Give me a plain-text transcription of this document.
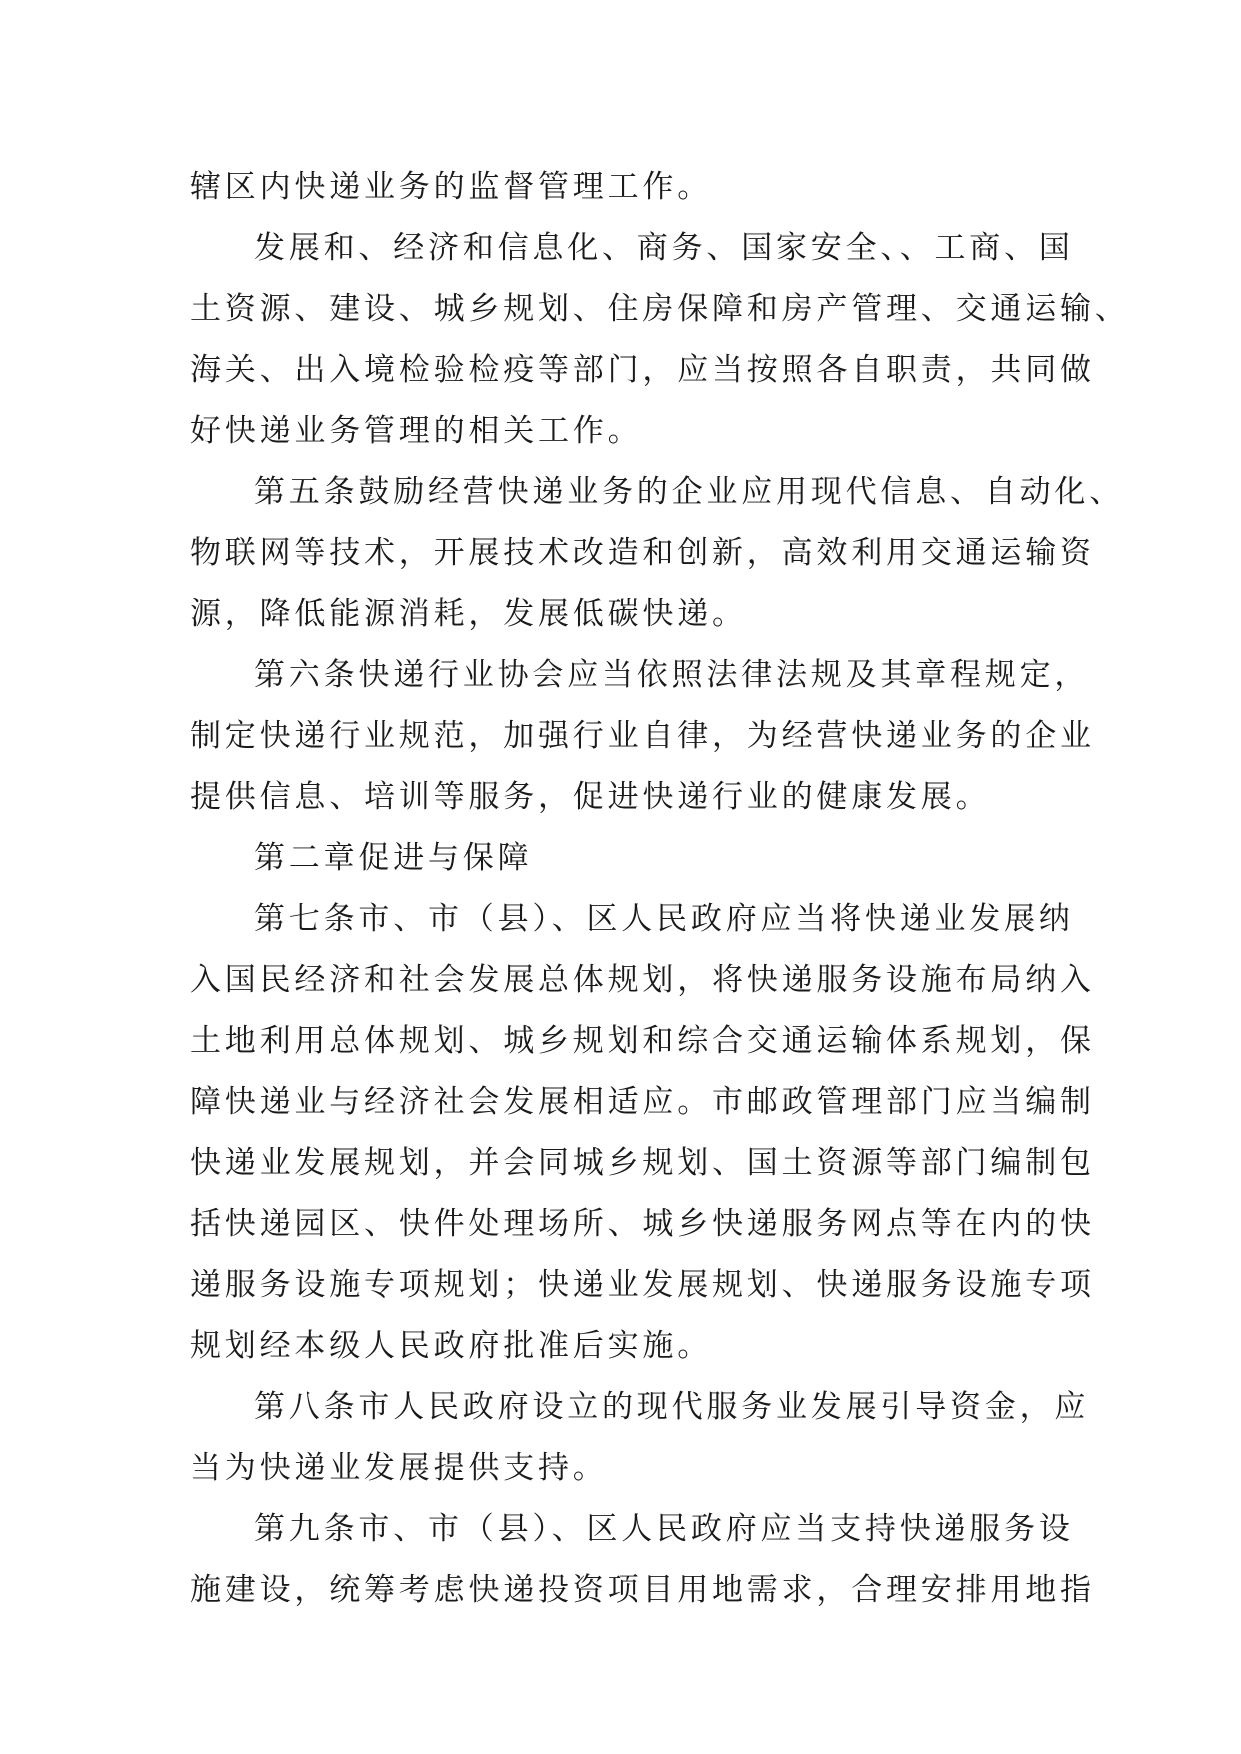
辖区内快递业务的监督管理工作。
发展和、经济和信息化、商务、国家安全、、工商、国
土资源、建设、城乡规划、住房保障和房产管理、交通运输、
海关、出入境检验检疫等部门，应当按照各自职责，共同做
好快递业务管理的相关工作。
第五条鼓励经营快递业务的企业应用现代信息、自动化、
物联网等技术，开展技术改造和创新，高效利用交通运输资
源，降低能源消耗，发展低碳快递。
第六条快递行业协会应当依照法律法规及其章程规定，
制定快递行业规范，加强行业自律，为经营快递业务的企业
提供信息、培训等服务，促进快递行业的健康发展。
第二章促进与保障
第七条市、市（县）、区人民政府应当将快递业发展纳
入国民经济和社会发展总体规划，将快递服务设施布局纳入
土地利用总体规划、城乡规划和综合交通运输体系规划，保
障快递业与经济社会发展相适应。市邮政管理部门应当编制
快递业发展规划，并会同城乡规划、国土资源等部门编制包
括快递园区、快件处理场所、城乡快递服务网点等在内的快
递服务设施专项规划；快递业发展规划、快递服务设施专项
规划经本级人民政府批准后实施。
第八条市人民政府设立的现代服务业发展引导资金，应
当为快递业发展提供支持。
第九条市、市（县）、区人民政府应当支持快递服务设
施建设，统筹考虑快递投资项目用地需求，合理安排用地指
